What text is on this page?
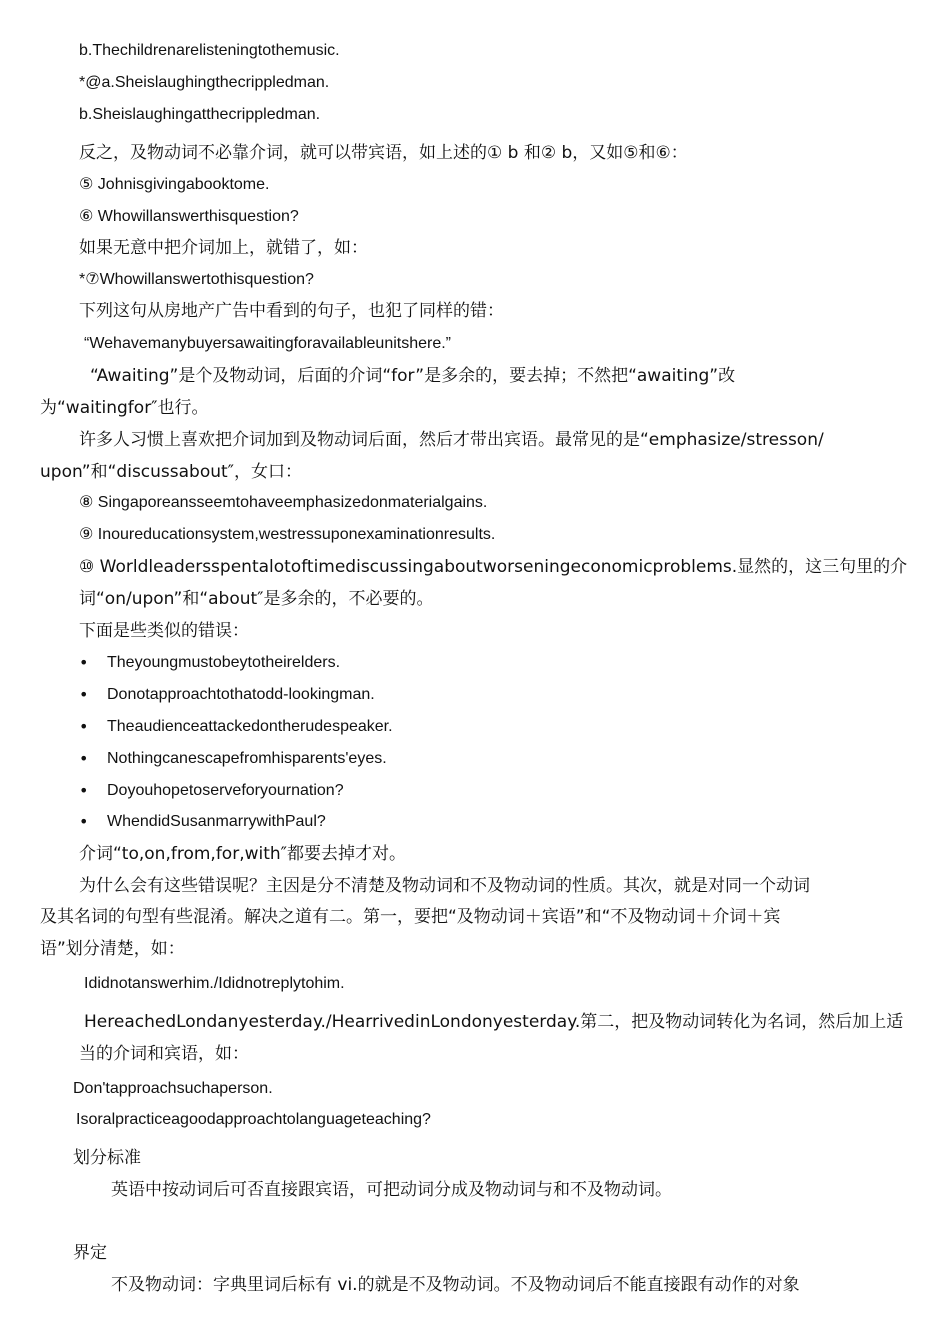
b.Thechildrenarelisteningtothemusic.
*@a.Sheislaughingthecrippledman.
b.Sheislaughingatthecrippledman.
反之，及物动词不必靠介词，就可以带宾语，如上述的① b 和② b，又如⑤和⑥：
⑤ Johnisgivingabooktome.
⑥ Whowillanswerthisquestion?
如果无意中把介词加上，就错了，如：
*⑦Whowillanswertothisquestion?
下列这句从房地产广告中看到的句子，也犯了同样的错：
“Wehavemanybuyersawaitingforavailableunitshere.”
“Awaiting”是个及物动词，后面的介词“for”是多余的，要去掉；不然把“awaiting”改
为“waitingfor″也行。
许多人习惯上喜欢把介词加到及物动词后面，然后才带出宾语。最常见的是“emphasize/stresson/
upon”和“discussabout″，女口：
⑧ Singaporeansseemtohaveemphasizedonmaterialgains.
⑨ Inoureducationsystem,westressuponexaminationresults.
⑩ Worldleadersspentalotoftimediscussingaboutworseningeconomicproblems.显然的，这三句里的介
词“on/upon”和“about″是多余的，不必要的。
下面是些类似的错误：
• Theyoungmustobeytotheirelders.
• Donotapproachtothatodd-lookingman.
• Theaudienceattackedontherudespeaker.
• Nothingcanescapefromhisparents'eyes.
• Doyouhopetoserveforyournation?
• WhendidSusanmarrywithPaul?
介词“to,on,from,for,with″都要去掉才对。
为什么会有这些错误呢？主因是分不清楚及物动词和不及物动词的性质。其次，就是对同一个动词
及其名词的句型有些混淆。解决之道有二。第一，要把“及物动词＋宾语”和“不及物动词＋介词＋宾
语”划分清楚，如：
Ididnotanswerhim./Ididnotreplytohim.
HereachedLondanyesterday./HearrivedinLondonyesterday.第二，把及物动词转化为名词，然后加上适
当的介词和宾语，如：
Don'tapproachsuchaperson.
Isoralpracticeagoodapproachtolanguageteaching?
划分标准
英语中按动词后可否直接跟宾语，可把动词分成及物动词与和不及物动词。
界定
不及物动词：字典里词后标有 vi.的就是不及物动词。不及物动词后不能直接跟有动作的对象
